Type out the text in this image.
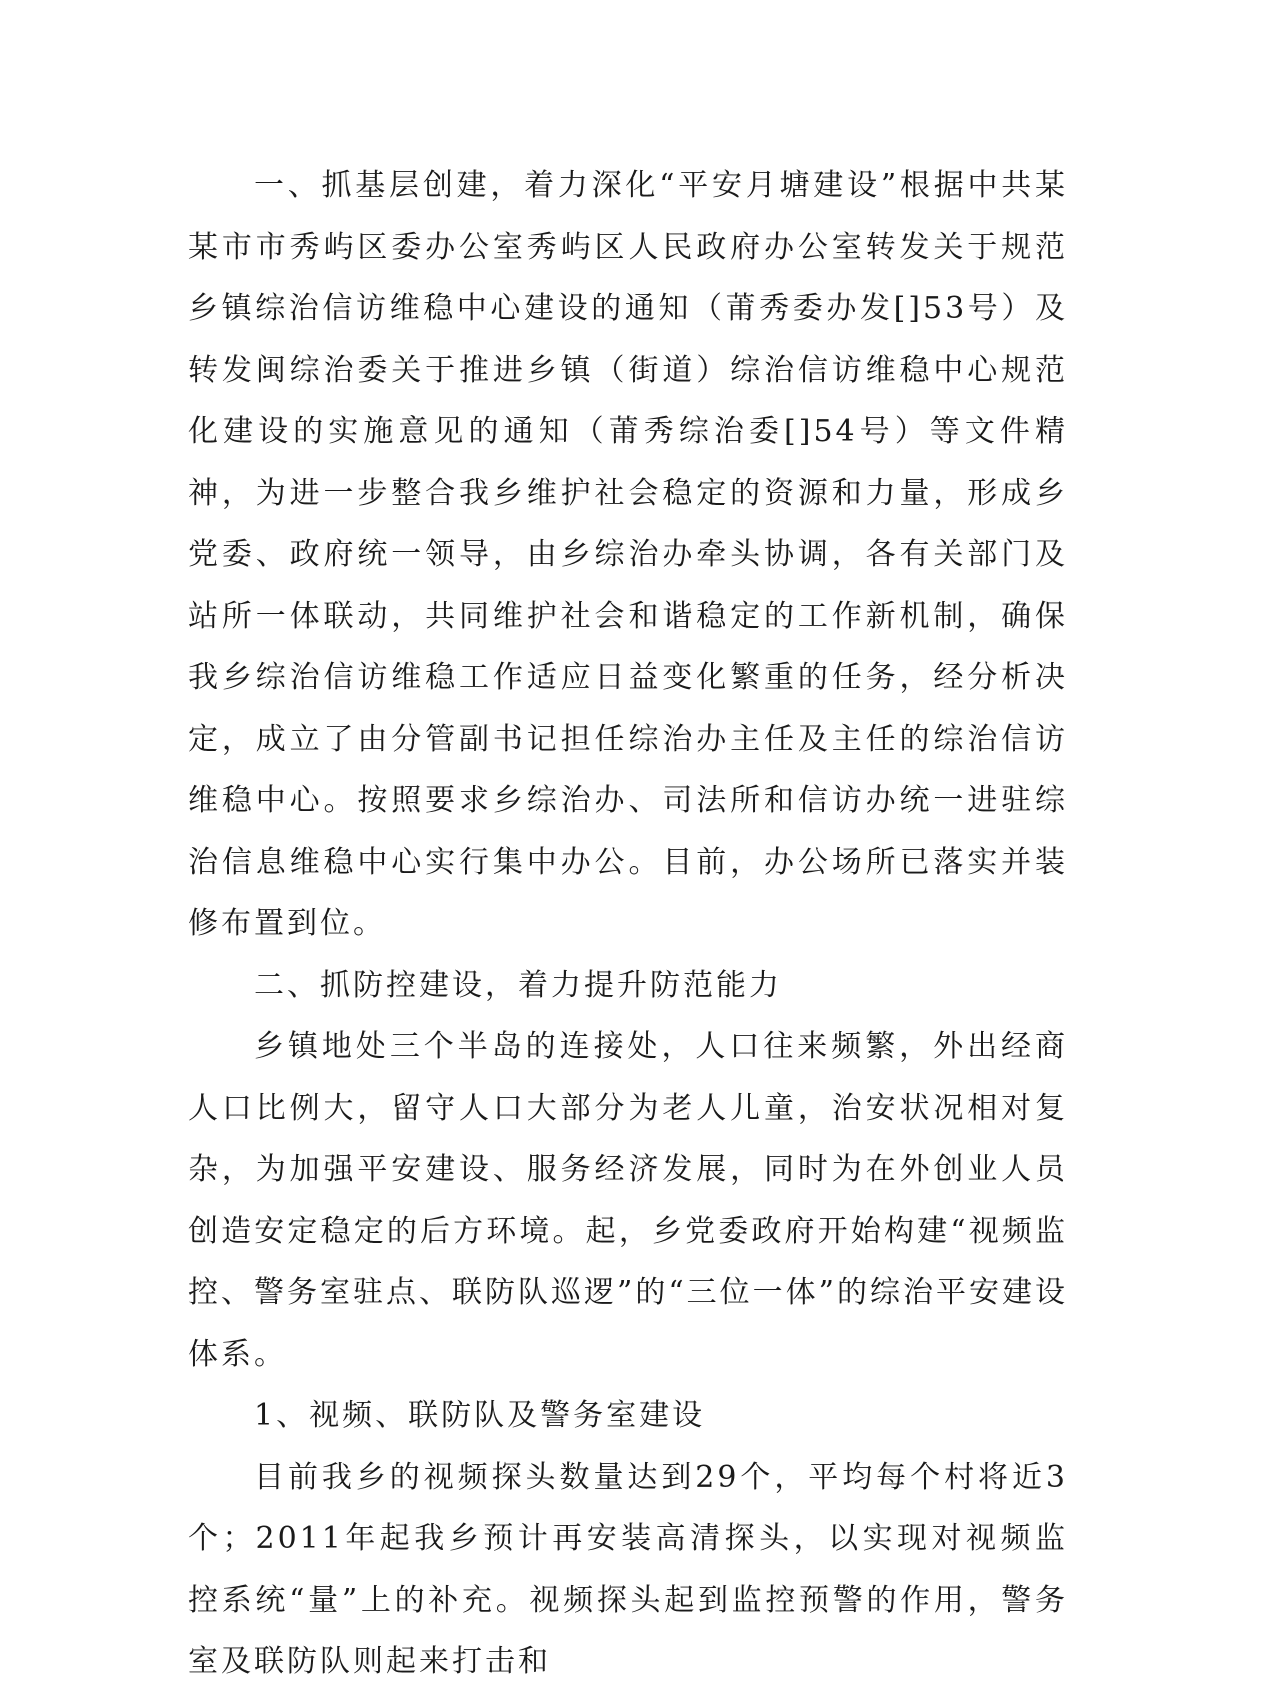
一、抓基层创建，着力深化“平安月塘建设”根据中共某某市市秀屿区委办公室秀屿区人民政府办公室转发关于规范乡镇综治信访维稳中心建设的通知（莆秀委办发[]53号）及转发闽综治委关于推进乡镇（街道）综治信访维稳中心规范化建设的实施意见的通知（莆秀综治委[]54号）等文件精神，为进一步整合我乡维护社会稳定的资源和力量，形成乡党委、政府统一领导，由乡综治办牵头协调，各有关部门及站所一体联动，共同维护社会和谐稳定的工作新机制，确保我乡综治信访维稳工作适应日益变化繁重的任务，经分析决定，成立了由分管副书记担任综治办主任及主任的综治信访维稳中心。按照要求乡综治办、司法所和信访办统一进驻综治信息维稳中心实行集中办公。目前，办公场所已落实并装修布置到位。

二、抓防控建设，着力提升防范能力

乡镇地处三个半岛的连接处，人口往来频繁，外出经商人口比例大，留守人口大部分为老人儿童，治安状况相对复杂，为加强平安建设、服务经济发展，同时为在外创业人员创造安定稳定的后方环境。起，乡党委政府开始构建“视频监控、警务室驻点、联防队巡逻”的“三位一体”的综治平安建设体系。

1、视频、联防队及警务室建设

目前我乡的视频探头数量达到29个，平均每个村将近3个；2011年起我乡预计再安装高清探头，以实现对视频监控系统“量”上的补充。视频探头起到监控预警的作用，警务室及联防队则起来打击和
